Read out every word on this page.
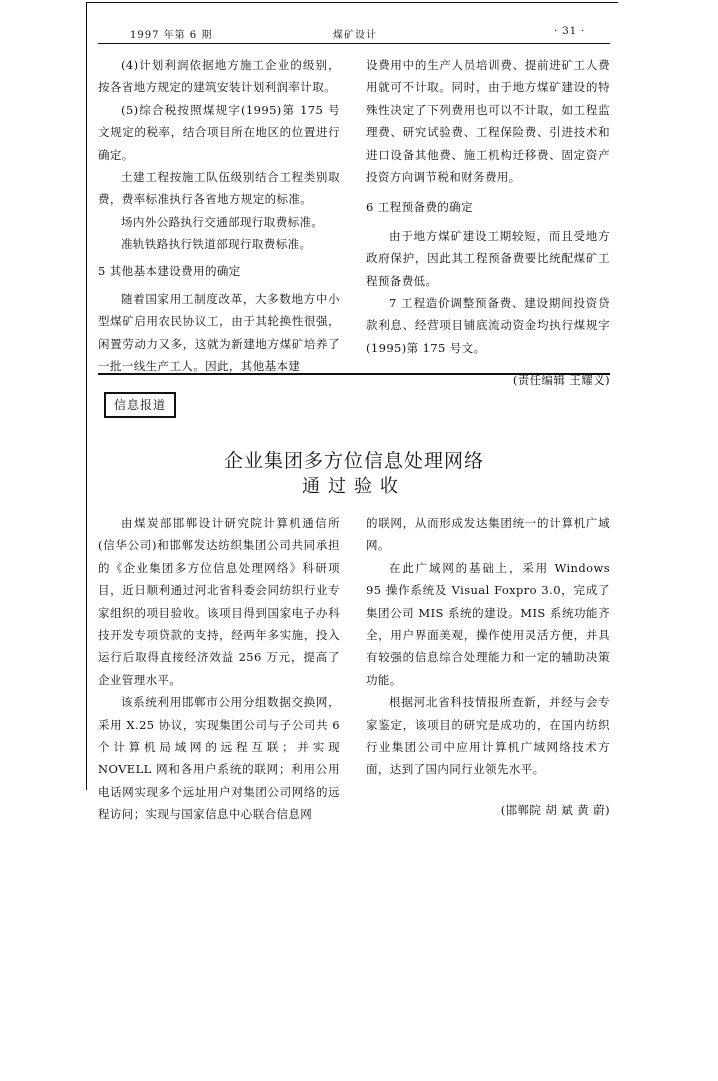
1997 年第 6 期	煤矿设计	· 31 ·

(4)计划利润依据地方施工企业的级别，按各省地方规定的建筑安装计划利润率计取。

(5)综合税按照煤规字(1995)第 175 号文规定的税率，结合项目所在地区的位置进行确定。

土建工程按施工队伍级别结合工程类别取费，费率标准执行各省地方规定的标准。

场内外公路执行交通部现行取费标准。

准轨铁路执行铁道部现行取费标准。

5 其他基本建设费用的确定

随着国家用工制度改革，大多数地方中小型煤矿启用农民协议工，由于其轮换性很强，闲置劳动力又多，这就为新建地方煤矿培养了一批一线生产工人。因此，其他基本建

设费用中的生产人员培训费、提前进矿工人费用就可不计取。同时，由于地方煤矿建设的特殊性决定了下列费用也可以不计取，如工程监理费、研究试验费、工程保险费、引进技术和进口设备其他费、施工机构迁移费、固定资产投资方向调节税和财务费用。

6 工程预备费的确定

由于地方煤矿建设工期较短，而且受地方政府保护，因此其工程预备费要比统配煤矿工程预备费低。

7 工程造价调整预备费、建设期间投资贷款利息、经营项目铺底流动资金均执行煤规字(1995)第 175 号文。

(责任编辑 王耀义)

信息报道
企业集团多方位信息处理网络
通过验收

由煤炭部邯郸设计研究院计算机通信所(信华公司)和邯郸发达纺织集团公司共同承担的《企业集团多方位信息处理网络》科研项目，近日顺利通过河北省科委会同纺织行业专家组织的项目验收。该项目得到国家电子办科技开发专项贷款的支持，经两年多实施，投入运行后取得直接经济效益 256 万元，提高了企业管理水平。

该系统利用邯郸市公用分组数据交换网，采用 X.25 协议，实现集团公司与子公司共 6 个计算机局域网的远程互联；并实现 NOVELL 网和各用户系统的联网；利用公用电话网实现多个远址用户对集团公司网络的远程访问；实现与国家信息中心联合信息网

的联网，从而形成发达集团统一的计算机广域网。

在此广域网的基础上，采用 Windows 95 操作系统及 Visual Foxpro 3.0，完成了集团公司 MIS 系统的建设。MIS 系统功能齐全，用户界面美观，操作使用灵活方便，并具有较强的信息综合处理能力和一定的辅助决策功能。

根据河北省科技情报所查新，并经与会专家鉴定，该项目的研究是成功的，在国内纺织行业集团公司中应用计算机广域网络技术方面，达到了国内同行业领先水平。

(邯郸院 胡 斌 黄 蔚)
